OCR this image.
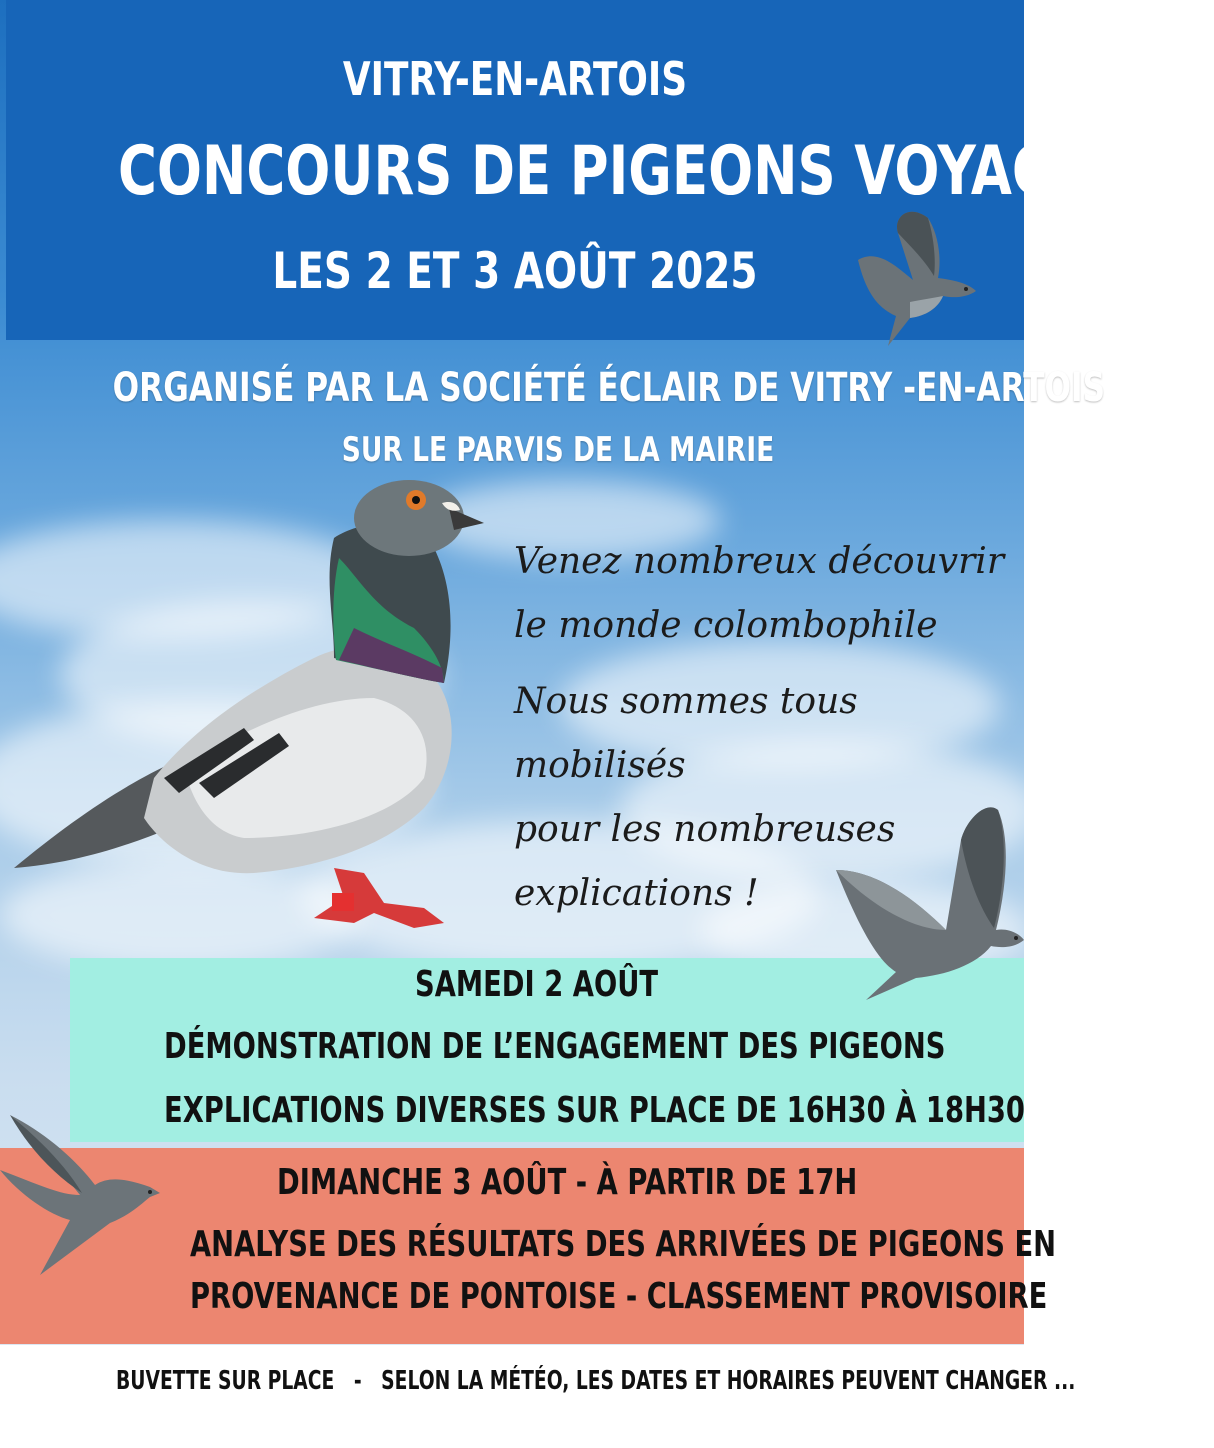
VITRY-EN-ARTOIS
CONCOURS DE PIGEONS VOYAGEURS
LES 2 ET 3 AOÛT 2025
ORGANISÉ PAR LA SOCIÉTÉ ÉCLAIR DE VITRY -EN-ARTOIS
SUR LE PARVIS DE LA MAIRIE

Venez nombreux découvrir

le monde colombophile

Nous sommes tous mobilisés

pour les nombreuses

explications !

SAMEDI 2 AOÛT
DÉMONSTRATION DE L’ENGAGEMENT DES PIGEONS
EXPLICATIONS DIVERSES SUR PLACE DE 16H30 À 18H30
DIMANCHE 3 AOÛT - À PARTIR DE 17H
ANALYSE DES RÉSULTATS DES ARRIVÉES DE PIGEONS EN
PROVENANCE DE PONTOISE - CLASSEMENT PROVISOIRE
BUVETTE SUR PLACE   -   SELON LA MÉTÉO, LES DATES ET HORAIRES PEUVENT CHANGER ...
